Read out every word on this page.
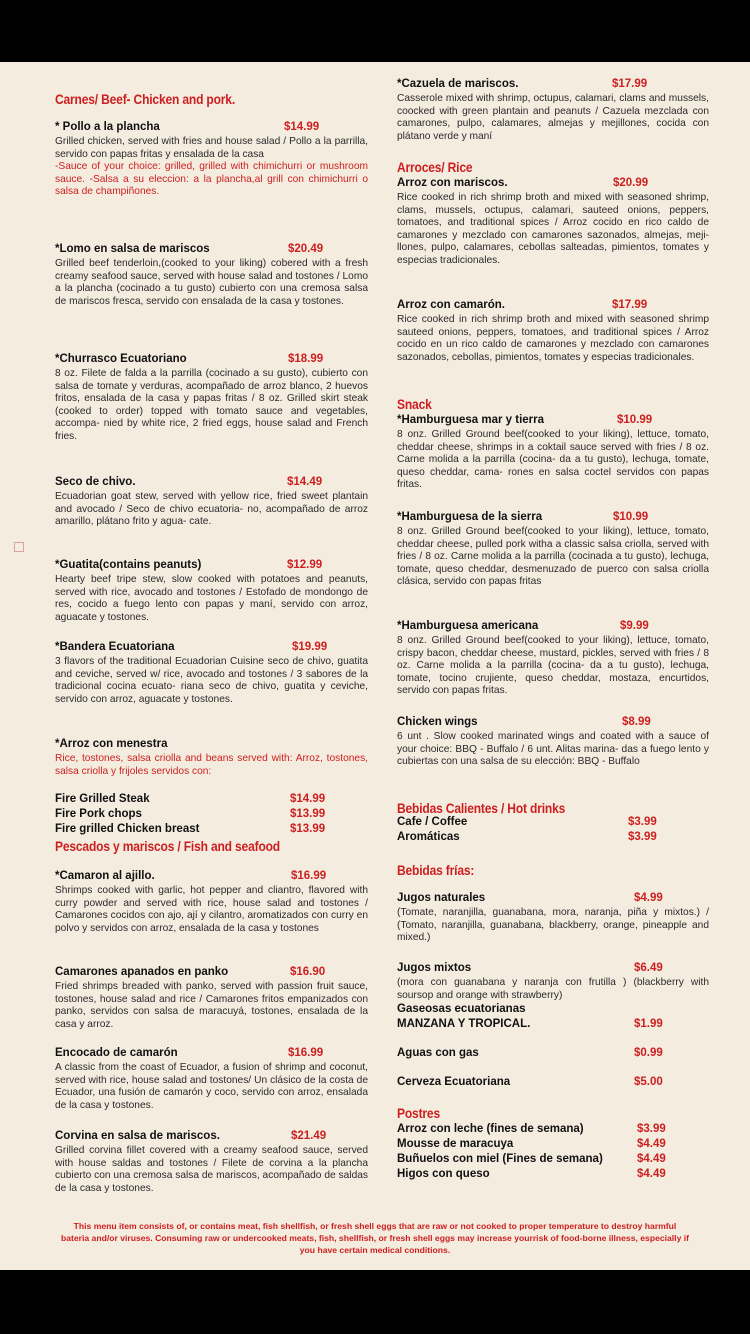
Carnes/ Beef- Chicken and pork.
* Pollo a la plancha	$14.99

Grilled chicken, served with fries and house salad / Pollo a la parrilla, servido con papas fritas y ensalada de la casa

-Sauce of your choice: grilled, grilled with chimichurri or mushroom sauce. -Salsa a su eleccion: a la plancha,al grill con chimichurri o salsa de champiñones.

*Lomo en salsa de mariscos	$20.49

Grilled beef tenderloin,(cooked to your liking) cobered with a fresh creamy seafood sauce, served with house salad and tostones / Lomo a la plancha (cocinado a tu gusto) cubierto con una cremosa salsa de mariscos fresca, servido con ensalada de la casa y tostones.

*Churrasco Ecuatoriano	$18.99

8 oz. Filete de falda a la parrilla (cocinado a su gusto), cubierto con salsa de tomate y verduras, acompañado de arroz blanco, 2 huevos fritos, ensalada de la casa y papas fritas / 8 oz. Grilled skirt steak (cooked to order) topped with tomato sauce and vegetables, accompa- nied by white rice, 2 fried eggs, house salad and French fries.

Seco de chivo.	$14.49

Ecuadorian goat stew, served with yellow rice, fried sweet plantain and avocado / Seco de chivo ecuatoria- no, acompañado de arroz amarillo, plátano frito y agua- cate.

*Guatita(contains peanuts)	$12.99

Hearty beef tripe stew, slow cooked with potatoes and peanuts, served with rice, avocado and tostones / Estofado de mondongo de res, cocido a fuego lento con papas y maní, servido con arroz, aguacate y tostones.

*Bandera Ecuatoriana	$19.99

3 flavors of the traditional Ecuadorian Cuisine seco de chivo, guatita and ceviche, served w/ rice, avocado and tostones / 3 sabores de la tradicional cocina ecuato- riana seco de chivo, guatita y ceviche, servido con arroz, aguacate y tostones.

*Arroz con menestra

Rice, tostones, salsa criolla and beans served with: Arroz, tostones, salsa criolla y frijoles servidos con:

Fire Grilled Steak	$14.99
Fire Pork chops	$13.99
Fire grilled Chicken breast	$13.99
Pescados y mariscos / Fish and seafood
*Camaron al ajillo.	$16.99

Shrimps cooked with garlic, hot pepper and cliantro, flavored with curry powder and served with rice, house salad and tostones / Camarones cocidos con ajo, ají y cilantro, aromatizados con curry en polvo y servidos con arroz, ensalada de la casa y tostones

Camarones apanados en panko	$16.90

Fried shrimps breaded with panko, served with passion fruit sauce, tostones, house salad and rice / Camarones fritos empanizados con panko, servidos con salsa de maracuyá, tostones, ensalada de la casa y arroz.

Encocado de camarón	$16.99

A classic from the coast of Ecuador, a fusion of shrimp and coconut, served with rice, house salad and tostones/ Un clásico de la costa de Ecuador, una fusión de camarón y coco, servido con arroz, ensalada de la casa y tostones.

Corvina en salsa de mariscos.	$21.49

Grilled corvina fillet covered with a creamy seafood sauce, served with house saldas and tostones / Filete de corvina a la plancha cubierto con una cremosa salsa de mariscos, acompañado de saldas de la casa y tostones.

*Cazuela de mariscos.	$17.99

Casserole mixed with shrimp, octupus, calamari, clams and mussels, coocked with green plantain and peanuts / Cazuela mezclada con camarones, pulpo, calamares, almejas y mejillones, cocida con plátano verde y maní

Arroces/ Rice
Arroz con mariscos.	$20.99

Rice cooked in rich shrimp broth and mixed with seasoned shrimp, clams, mussels, octupus, calamari, sauteed onions, peppers, tomatoes, and traditional spices / Arroz cocido en rico caldo de camarones y mezclado con camarones sazonados, almejas, meji- llones, pulpo, calamares, cebollas salteadas, pimientos, tomates y especias tradicionales.

Arroz con camarón.	$17.99

Rice cooked in rich shrimp broth and mixed with seasoned shrimp sauteed onions, peppers, tomatoes, and traditional spices / Arroz cocido en un rico caldo de camarones y mezclado con camarones sazonados, cebollas, pimientos, tomates y especias tradicionales.

Snack
*Hamburguesa mar y tierra	$10.99

8 onz. Grilled Ground beef(cooked to your liking), lettuce, tomato, cheddar cheese, shrimps in a coktail sauce served with fries / 8 oz. Carne molida a la parrilla (cocina- da a tu gusto), lechuga, tomate, queso cheddar, cama- rones en salsa coctel servidos con papas fritas.

*Hamburguesa de la sierra	$10.99

8 onz. Grilled Ground beef(cooked to your liking), lettuce, tomato, cheddar cheese, pulled pork witha a classic salsa criolla, served with fries / 8 oz. Carne molida a la parrilla (cocinada a tu gusto), lechuga, tomate, queso cheddar, desmenuzado de puerco con salsa criolla clásica, servido con papas fritas

*Hamburguesa americana	$9.99

8 onz. Grilled Ground beef(cooked to your liking), lettuce, tomato, crispy bacon, cheddar cheese, mustard, pickles, served with fries / 8 oz. Carne molida a la parrilla (cocina- da a tu gusto), lechuga, tomate, tocino crujiente, queso cheddar, mostaza, encurtidos, servido con papas fritas.

Chicken wings	$8.99

6 unt . Slow cooked marinated wings and coated with a sauce of your choice: BBQ - Buffalo / 6 unt. Alitas marina- das a fuego lento y cubiertas con una salsa de su elección: BBQ - Buffalo

Bebidas Calientes / Hot drinks
Cafe / Coffee	$3.99
Aromáticas	$3.99
Bebidas frías:
Jugos naturales	$4.99

(Tomate, naranjilla, guanabana, mora, naranja, piña y mixtos.) / (Tomato, naranjilla, guanabana, blackberry, orange, pineapple and mixed.)

Jugos mixtos	$6.49

(mora con guanabana y naranja con frutilla ) (blackberry with soursop and orange with strawberry)

Gaseosas ecuatorianas
MANZANA Y TROPICAL.	$1.99
Aguas con gas	$0.99
Cerveza Ecuatoriana	$5.00
Postres
Arroz con leche (fines de semana)	$3.99
Mousse de maracuya	$4.49
Buñuelos con miel (Fines de semana)	$4.49
Higos con queso	$4.49
This menu item consists of, or contains meat, fish shellfish, or fresh shell eggs that are raw or not cooked to proper temperature to destroy harmful bateria and/or viruses. Consuming raw or undercooked meats, fish, shellfish, or fresh shell eggs may increase yourrisk of food-borne illness, especially if you have certain medical conditions.
